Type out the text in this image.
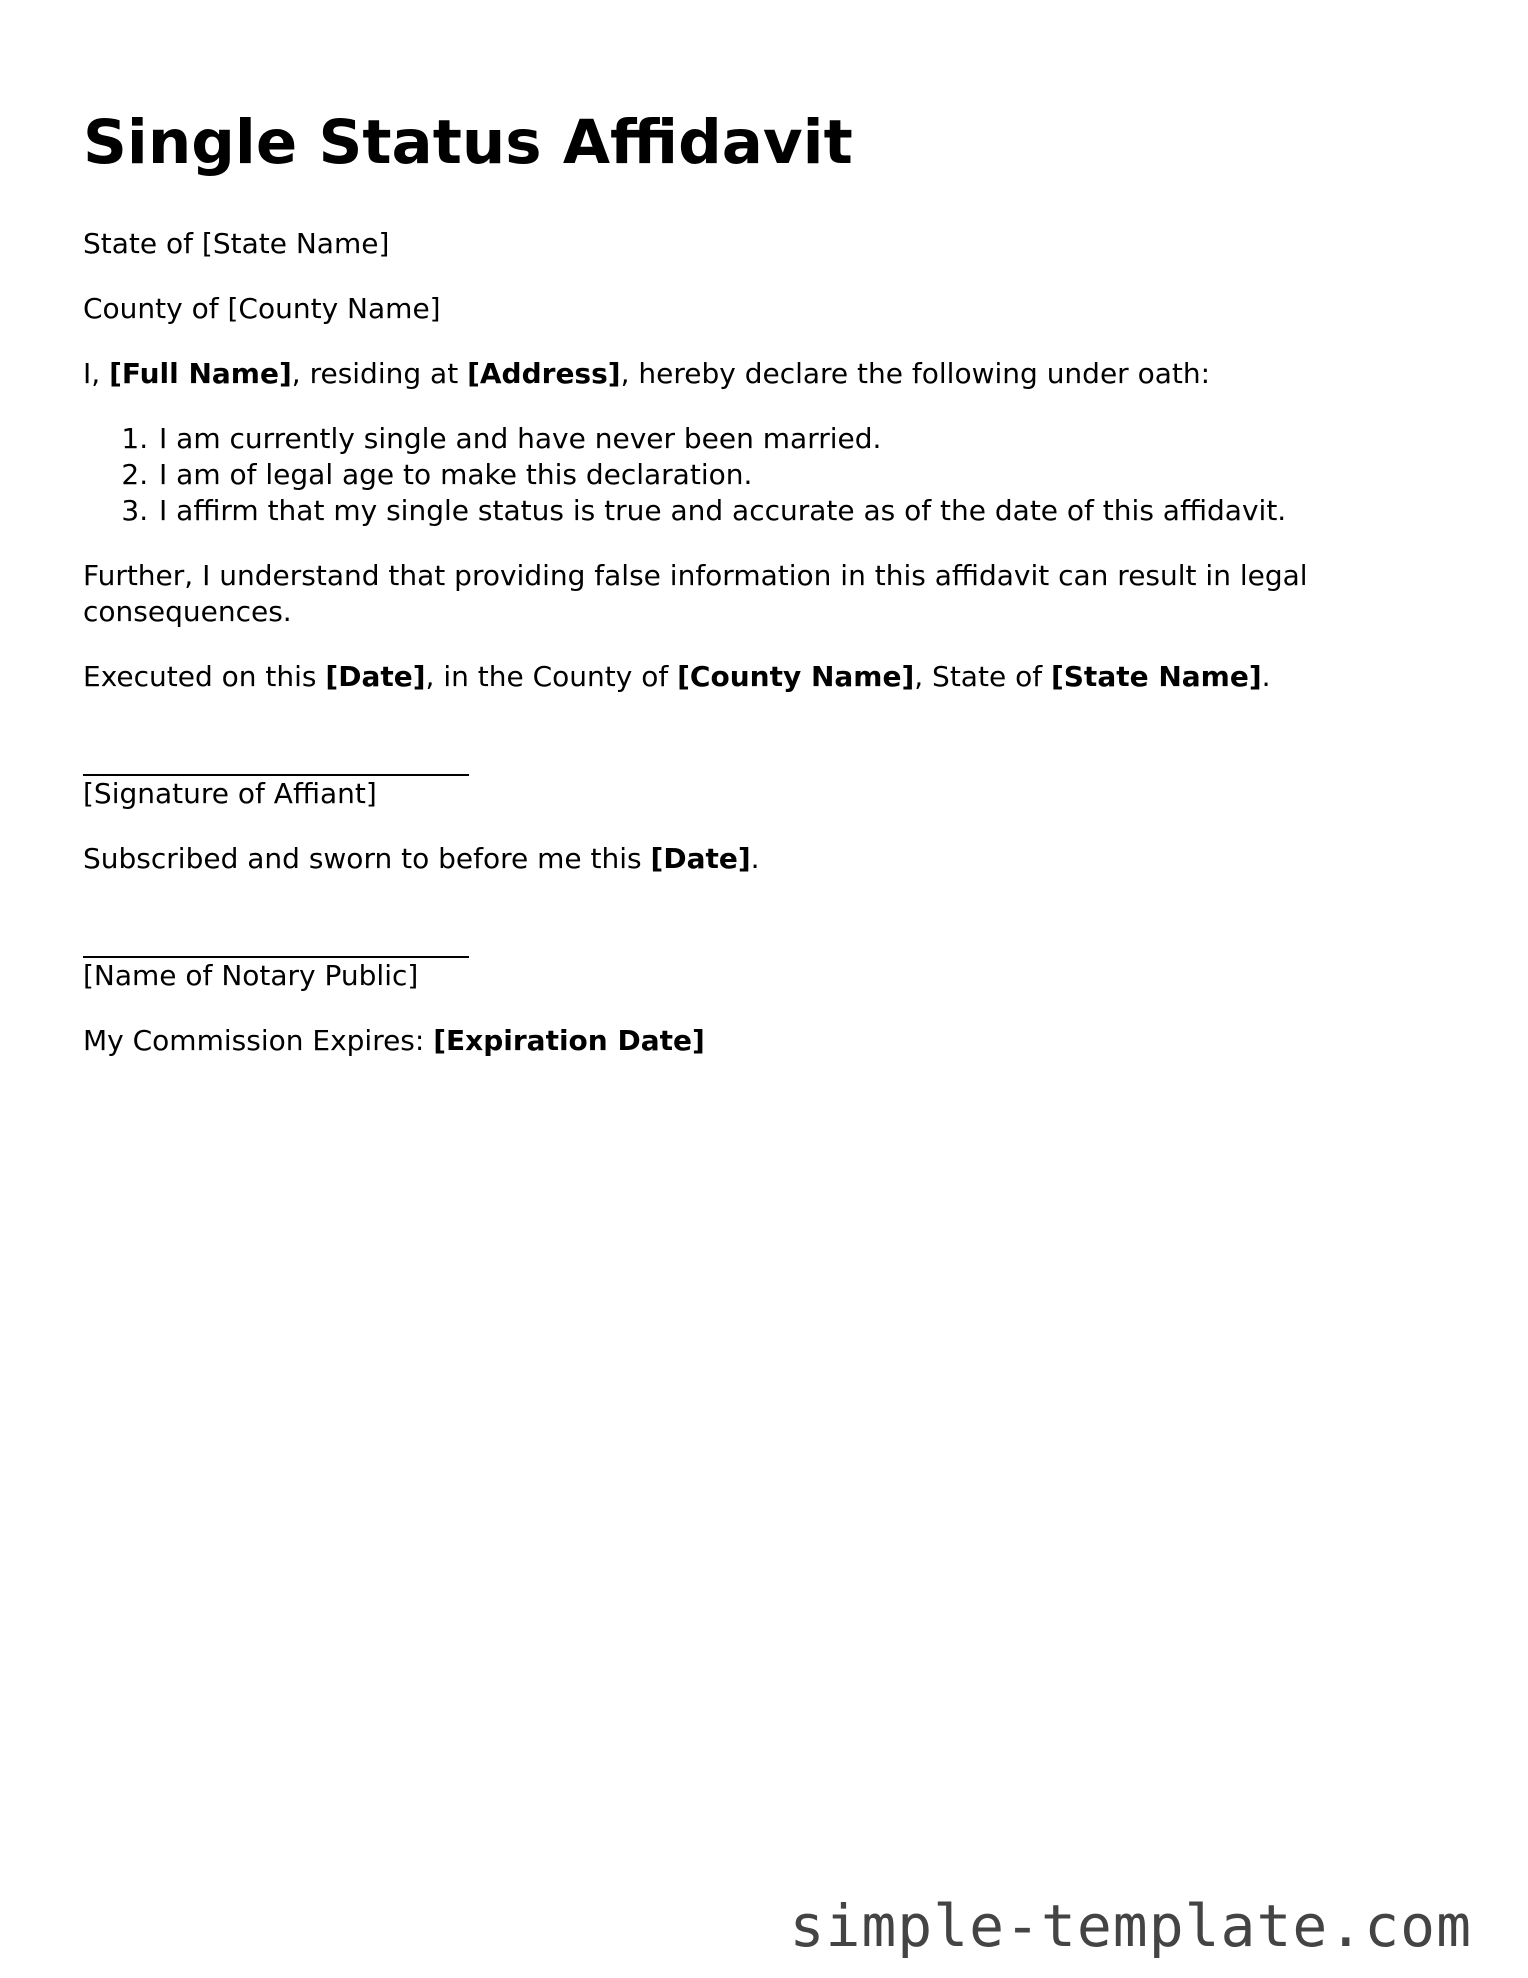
Single Status Affidavit

State of [State Name]

County of [County Name]

I, [Full Name], residing at [Address], hereby declare the following under oath:

1. I am currently single and have never been married.
2. I am of legal age to make this declaration.
3. I affirm that my single status is true and accurate as of the date of this affidavit.

Further, I understand that providing false information in this affidavit can result in legal consequences.

Executed on this [Date], in the County of [County Name], State of [State Name].

[Signature of Affiant]

Subscribed and sworn to before me this [Date].

[Name of Notary Public]

My Commission Expires: [Expiration Date]

simple-template.com
